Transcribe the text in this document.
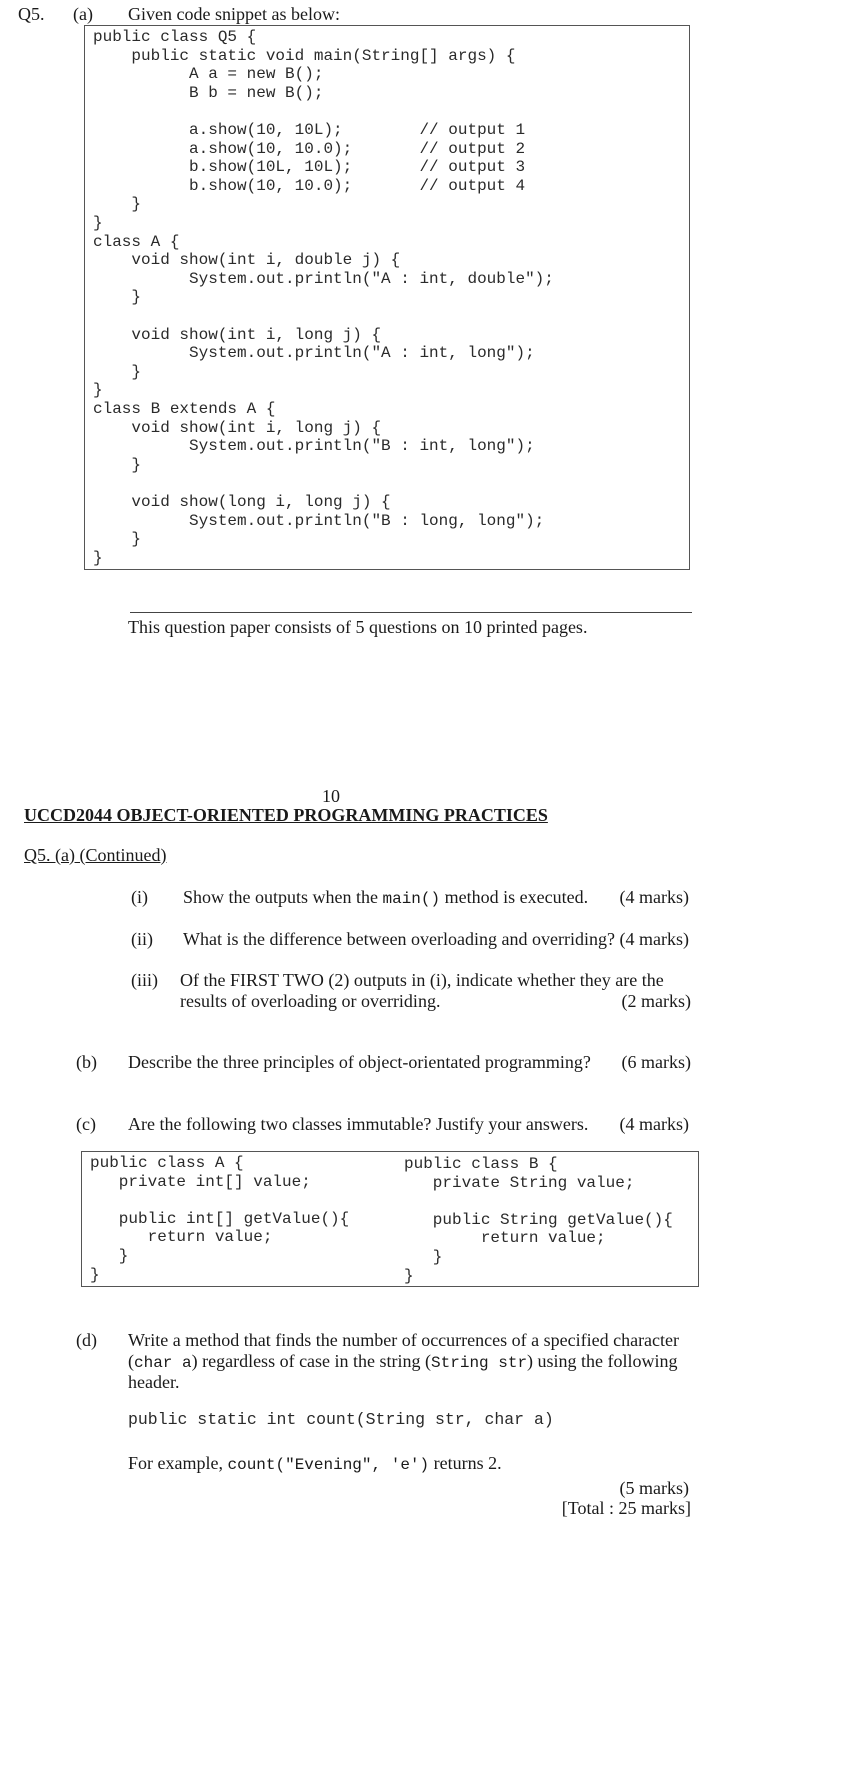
Q5. (a) Given code snippet as below:
public class Q5 {
public static void main(String[] args) {
A a = new B();
B b = new B();
a.show(10, 10L);        // output 1
a.show(10, 10.0);       // output 2
b.show(10L, 10L);       // output 3
b.show(10, 10.0);       // output 4
}
}
class A {
void show(int i, double j) {
System.out.println("A : int, double");
}
void show(int i, long j) {
System.out.println("A : int, long");
}
}
class B extends A {
void show(int i, long j) {
System.out.println("B : int, long");
}
void show(long i, long j) {
System.out.println("B : long, long");
}
}
This question paper consists of 5 questions on 10 printed pages.
10
UCCD2044 OBJECT-ORIENTED PROGRAMMING PRACTICES
Q5. (a) (Continued)
(i) Show the outputs when the main() method is executed. (4 marks)
(ii) What is the difference between overloading and overriding? (4 marks)
(iii) Of the FIRST TWO (2) outputs in (i), indicate whether they are the
results of overloading or overriding.	(2 marks)
(b) Describe the three principles of object-orientated programming? (6 marks)
(c) Are the following two classes immutable? Justify your answers. (4 marks)
public class A {
private int[] value;
public int[] getValue(){
return value;
}
}
public class B {
private String value;
public String getValue(){
return value;
}
}
(d) Write a method that finds the number of occurrences of a specified character
(char a) regardless of case in the string (String str) using the following
header.
public static int count(String str, char a)
For example, count("Evening", 'e') returns 2.
(5 marks)
[Total : 25 marks]
